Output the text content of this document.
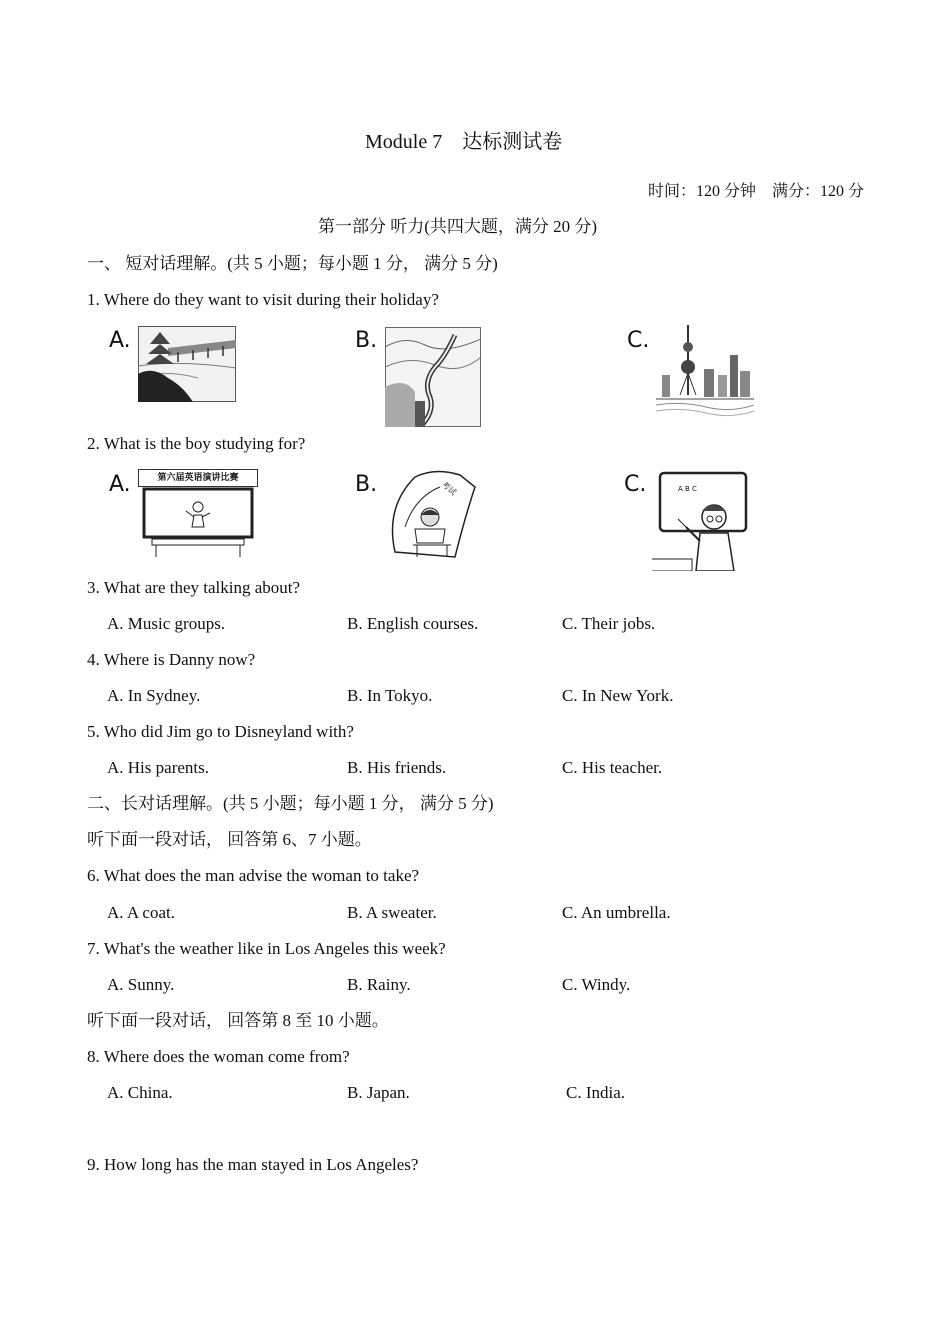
Module 7　达标测试卷
时间：120 分钟　满分：120 分
第一部分 听力(共四大题，满分 20 分)
一、 短对话理解。(共 5 小题；每小题 1 分， 满分 5 分)
1. Where do they want to visit during their holiday?
A.	B.	C.
2. What is the boy studying for?
A.	B.	C.
第六届英语演讲比赛
考试	A B C
3. What are they talking about?
A. Music groups.	B. English courses.	C. Their jobs.
4. Where is Danny now?
A. In Sydney.	B. In Tokyo.	C. In New York.
5. Who did Jim go to Disneyland with?
A. His parents.	B. His friends.	C. His teacher.
二、长对话理解。(共 5 小题；每小题 1 分， 满分 5 分)
听下面一段对话， 回答第 6、7 小题。
6. What does the man advise the woman to take?
A. A coat.	B. A sweater.	C. An umbrella.
7. What's the weather like in Los Angeles this week?
A. Sunny.	B. Rainy.	C. Windy.
听下面一段对话， 回答第 8 至 10 小题。
8. Where does the woman come from?
A. China.	B. Japan.	C. India.
9. How long has the man stayed in Los Angeles?
